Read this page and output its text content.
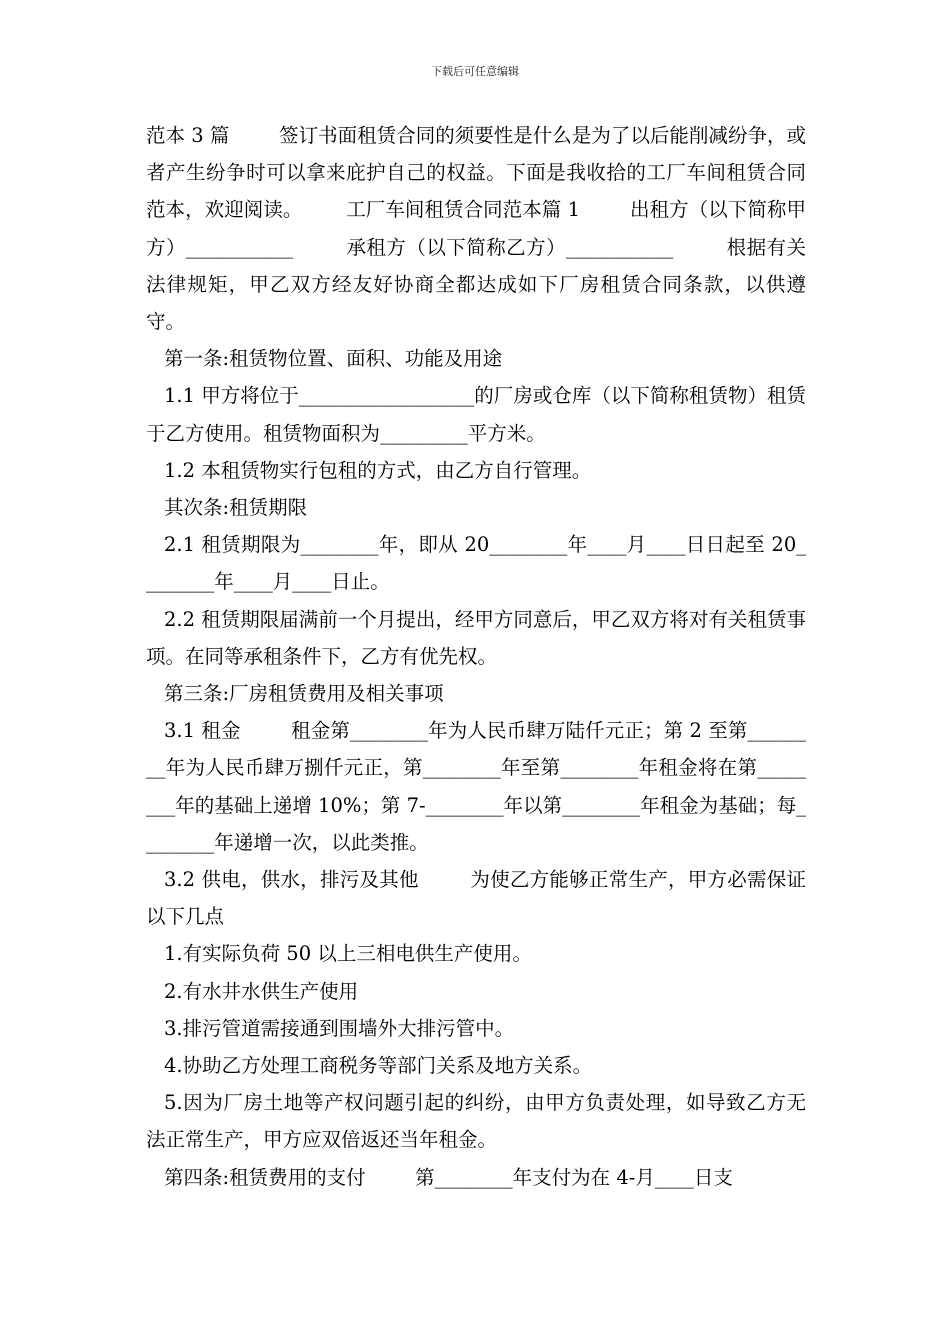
下载后可任意编辑

范本 3 篇        签订书面租赁合同的须要性是什么是为了以后能削减纷争，或者产生纷争时可以拿来庇护自己的权益。下面是我收拾的工厂车间租赁合同范本，欢迎阅读。       工厂车间租赁合同范本篇 1        出租方（以下简称甲方）___________        承租方（以下简称乙方）___________        根据有关法律规矩，甲乙双方经友好协商全都达成如下厂房租赁合同条款，以供遵守。

第一条:租赁物位置、面积、功能及用途

1.1 甲方将位于__________________的厂房或仓库（以下简称租赁物）租赁于乙方使用。租赁物面积为_________平方米。

1.2 本租赁物实行包租的方式，由乙方自行管理。

其次条:租赁期限

2.1 租赁期限为________年，即从 20________年____月____日日起至 20________年____月____日止。

2.2 租赁期限届满前一个月提出，经甲方同意后，甲乙双方将对有关租赁事项。在同等承租条件下，乙方有优先权。

第三条:厂房租赁费用及相关事项

3.1 租金        租金第________年为人民币肆万陆仟元正；第 2 至第________年为人民币肆万捌仟元正，第________年至第________年租金将在第________年的基础上递增 10%；第 7-________年以第________年租金为基础；每________年递增一次，以此类推。

3.2 供电，供水，排污及其他        为使乙方能够正常生产，甲方必需保证以下几点

1.有实际负荷 50 以上三相电供生产使用。

2.有水井水供生产使用

3.排污管道需接通到围墙外大排污管中。

4.协助乙方处理工商税务等部门关系及地方关系。

5.因为厂房土地等产权问题引起的纠纷，由甲方负责处理，如导致乙方无法正常生产，甲方应双倍返还当年租金。

第四条:租赁费用的支付        第________年支付为在 4-月____日支
